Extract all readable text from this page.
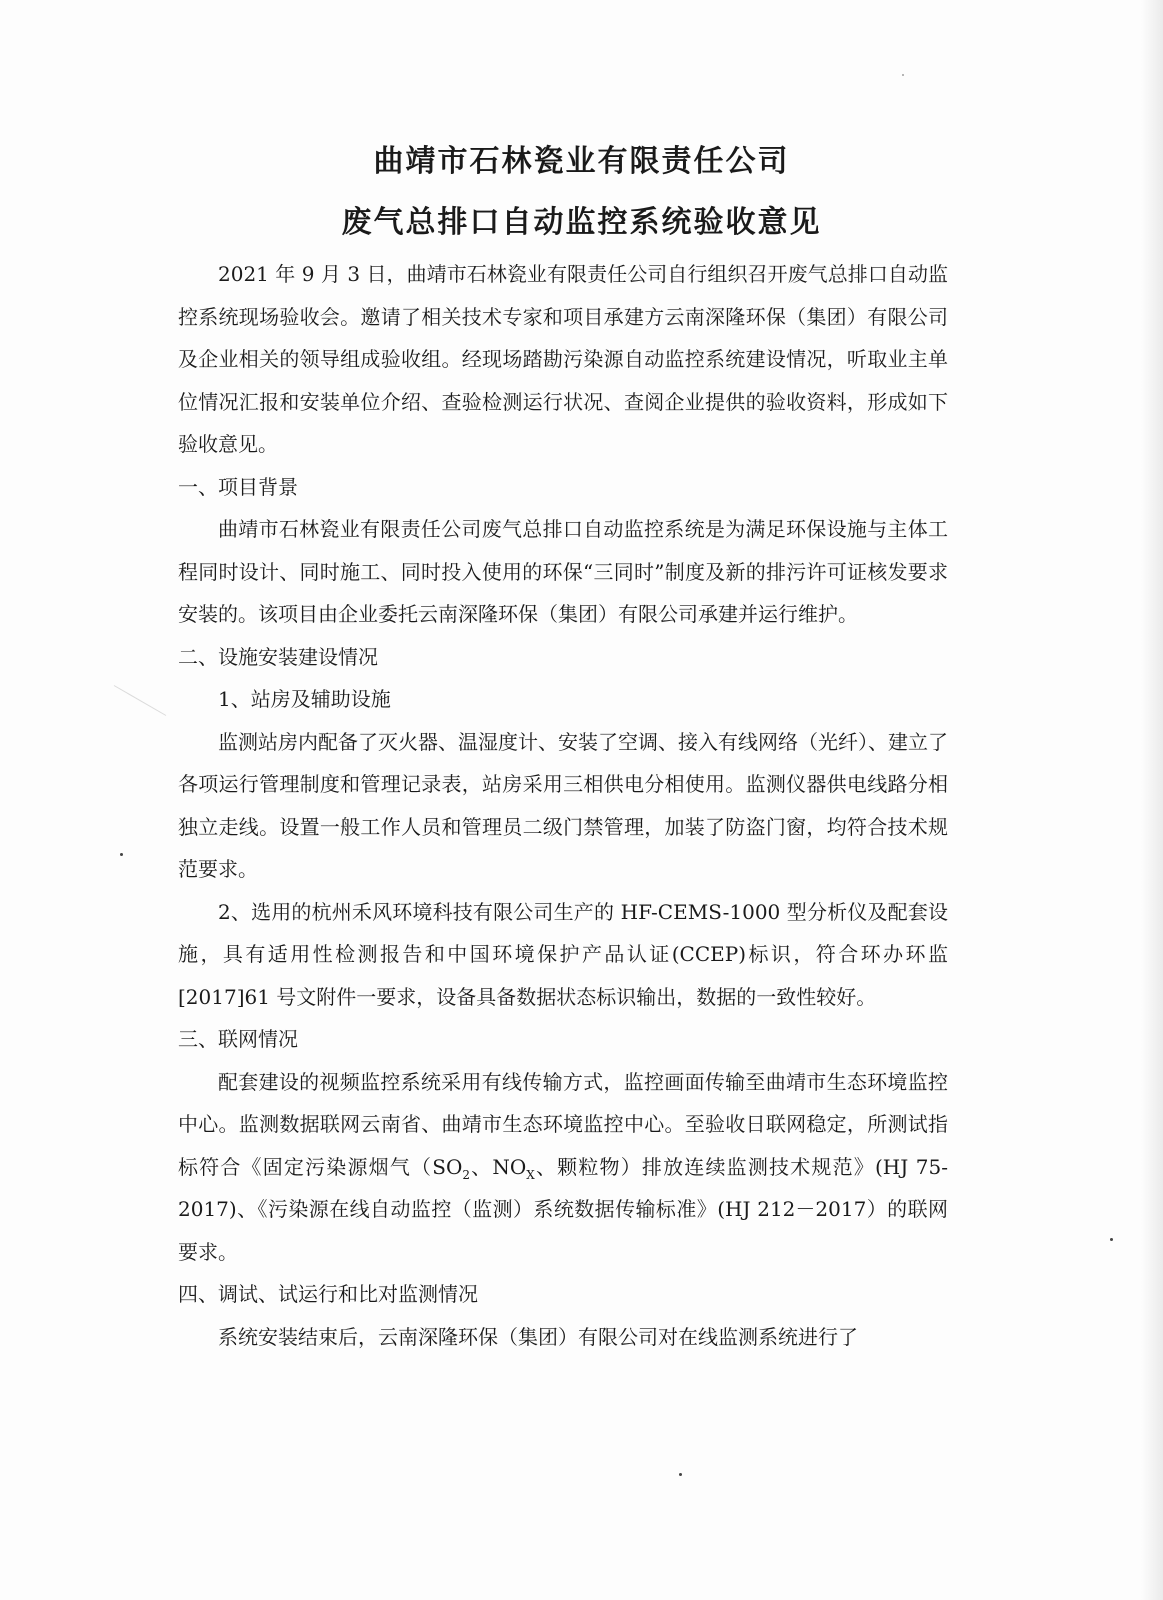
曲靖市石林瓷业有限责任公司
废气总排口自动监控系统验收意见

2021 年 9 月 3 日，曲靖市石林瓷业有限责任公司自行组织召开废气总排口自动监控系统现场验收会。邀请了相关技术专家和项目承建方云南深隆环保（集团）有限公司及企业相关的领导组成验收组。经现场踏勘污染源自动监控系统建设情况，听取业主单位情况汇报和安装单位介绍、查验检测运行状况、查阅企业提供的验收资料，形成如下验收意见。

一、项目背景

曲靖市石林瓷业有限责任公司废气总排口自动监控系统是为满足环保设施与主体工程同时设计、同时施工、同时投入使用的环保“三同时”制度及新的排污许可证核发要求安装的。该项目由企业委托云南深隆环保（集团）有限公司承建并运行维护。

二、设施安装建设情况

1、站房及辅助设施

监测站房内配备了灭火器、温湿度计、安装了空调、接入有线网络（光纤）、建立了各项运行管理制度和管理记录表，站房采用三相供电分相使用。监测仪器供电线路分相独立走线。设置一般工作人员和管理员二级门禁管理，加装了防盗门窗，均符合技术规范要求。

2、选用的杭州禾风环境科技有限公司生产的 HF-CEMS-1000 型分析仪及配套设施，具有适用性检测报告和中国环境保护产品认证(CCEP)标识，符合环办环监[2017]61 号文附件一要求，设备具备数据状态标识输出，数据的一致性较好。

三、联网情况

配套建设的视频监控系统采用有线传输方式，监控画面传输至曲靖市生态环境监控中心。监测数据联网云南省、曲靖市生态环境监控中心。至验收日联网稳定，所测试指标符合《固定污染源烟气（$SO_2$、$NO_X$、颗粒物）排放连续监测技术规范》(HJ 75-2017)、《污染源在线自动监控（监测）系统数据传输标准》(HJ 212－2017）的联网要求。

四、调试、试运行和比对监测情况

系统安装结束后，云南深隆环保（集团）有限公司对在线监测系统进行了
